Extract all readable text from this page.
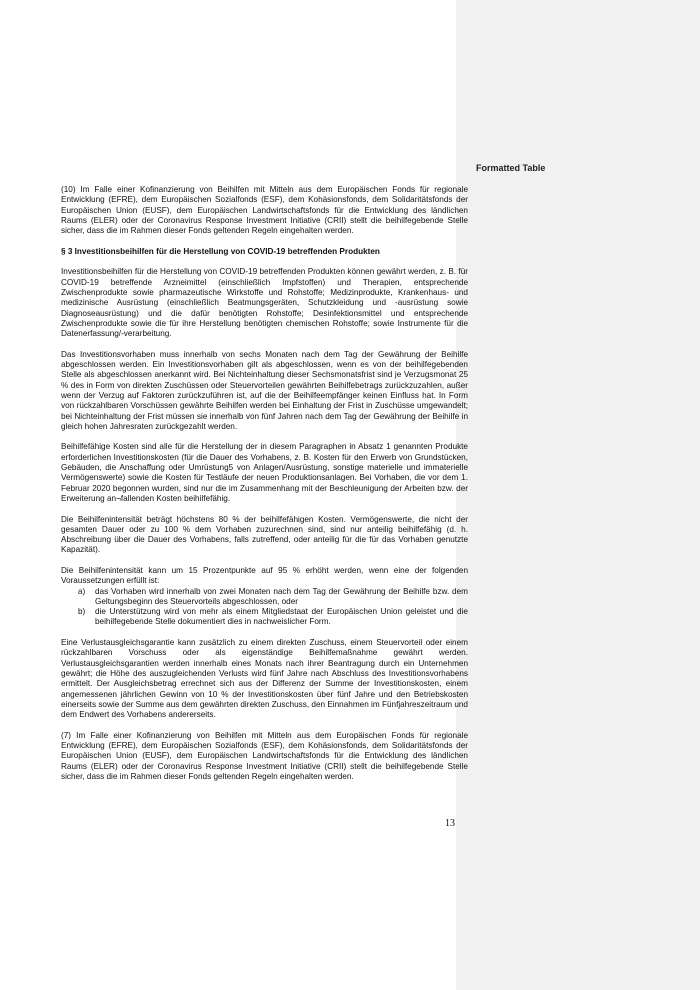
Formatted Table

(10) Im Falle einer Kofinanzierung von Beihilfen mit Mitteln aus dem Europäischen Fonds für regionale Entwicklung (EFRE), dem Europäischen Sozialfonds (ESF), dem Kohäsionsfonds, dem Solidaritätsfonds der Europäischen Union (EUSF), dem Europäischen Landwirtschaftsfonds für die Entwicklung des ländlichen Raums (ELER) oder der Coronavirus Response Investment Initiative (CRII) stellt die beihilfegebende Stelle sicher, dass die im Rahmen dieser Fonds geltenden Regeln eingehalten werden.

§ 3 Investitionsbeihilfen für die Herstellung von COVID-19 betreffenden Produkten

Investitionsbeihilfen für die Herstellung von COVID-19 betreffenden Produkten können gewährt werden, z. B. für COVID-19 betreffende Arzneimittel (einschließlich Impfstoffen) und Therapien, entsprechende Zwischenprodukte sowie pharmazeutische Wirkstoffe und Rohstoffe; Medizinprodukte, Krankenhaus- und medizinische Ausrüstung (einschließlich Beatmungsgeräten, Schutzkleidung und -ausrüstung sowie Diagnoseausrüstung) und die dafür benötigten Rohstoffe; Desinfektionsmittel und entsprechende Zwischenprodukte sowie die für ihre Herstellung benötigten chemischen Rohstoffe; sowie Instrumente für die Datenerfassung/-verarbeitung.

Das Investitionsvorhaben muss innerhalb von sechs Monaten nach dem Tag der Gewährung der Beihilfe abgeschlossen werden. Ein Investitionsvorhaben gilt als abgeschlossen, wenn es von der beihilfegebenden Stelle als abgeschlossen anerkannt wird. Bei Nichteinhaltung dieser Sechsmonatsfrist sind je Verzugsmonat 25 % des in Form von direkten Zuschüssen oder Steuervorteilen gewährten Beihilfebetrags zurückzuzahlen, außer wenn der Verzug auf Faktoren zurückzuführen ist, auf die der Beihilfeempfänger keinen Einfluss hat. In Form von rückzahlbaren Vorschüssen gewährte Beihilfen werden bei Einhaltung der Frist in Zuschüsse umgewandelt; bei Nichteinhaltung der Frist müssen sie innerhalb von fünf Jahren nach dem Tag der Gewährung der Beihilfe in gleich hohen Jahresraten zurückgezahlt werden.

Beihilfefähige Kosten sind alle für die Herstellung der in diesem Paragraphen in Absatz 1 genannten Produkte erforderlichen Investitionskosten (für die Dauer des Vorhabens, z. B. Kosten für den Erwerb von Grundstücken, Gebäuden, die Anschaffung oder Umrüstung5 von Anlagen/Ausrüstung, sonstige materielle und immaterielle Vermögenswerte) sowie die Kosten für Testläufe der neuen Produktionsanlagen. Bei Vorhaben, die vor dem 1. Februar 2020 begonnen wurden, sind nur die im Zusammenhang mit der Beschleunigung der Arbeiten bzw. der Erweiterung an¬fallenden Kosten beihilfefähig.

Die Beihilfenintensität beträgt höchstens 80 % der beihilfefähigen Kosten. Vermögenswerte, die nicht der gesamten Dauer oder zu 100 % dem Vorhaben zuzurechnen sind, sind nur anteilig beihilfefähig (d. h. Abschreibung über die Dauer des Vorhabens, falls zutreffend, oder anteilig für die für das Vorhaben genutzte Kapazität).

Die Beihilfenintensität kann um 15 Prozentpunkte auf 95 % erhöht werden, wenn eine der folgenden Voraussetzungen erfüllt ist:

a) das Vorhaben wird innerhalb von zwei Monaten nach dem Tag der Gewährung der Beihilfe bzw. dem Geltungsbeginn des Steuervorteils abgeschlossen, oder
b) die Unterstützung wird von mehr als einem Mitgliedstaat der Europäischen Union geleistet und die beihilfegebende Stelle dokumentiert dies in nachweislicher Form.

Eine Verlustausgleichsgarantie kann zusätzlich zu einem direkten Zuschuss, einem Steuervorteil oder einem rückzahlbaren Vorschuss oder als eigenständige Beihilfemaßnahme gewährt werden. Verlustausgleichsgarantien werden innerhalb eines Monats nach ihrer Beantragung durch ein Unternehmen gewährt; die Höhe des auszugleichenden Verlusts wird fünf Jahre nach Abschluss des Investitionsvorhabens ermittelt. Der Ausgleichsbetrag errechnet sich aus der Differenz der Summe der Investitionskosten, einem angemessenen jährlichen Gewinn von 10 % der Investitionskosten über fünf Jahre und den Betriebskosten einerseits sowie der Summe aus dem gewährten direkten Zuschuss, den Einnahmen im Fünfjahreszeitraum und dem Endwert des Vorhabens andererseits.

(7) Im Falle einer Kofinanzierung von Beihilfen mit Mitteln aus dem Europäischen Fonds für regionale Entwicklung (EFRE), dem Europäischen Sozialfonds (ESF), dem Kohäsionsfonds, dem Solidaritätsfonds der Europäischen Union (EUSF), dem Europäischen Landwirtschaftsfonds für die Entwicklung des ländlichen Raums (ELER) oder der Coronavirus Response Investment Initiative (CRII) stellt die beihilfegebende Stelle sicher, dass die im Rahmen dieser Fonds geltenden Regeln eingehalten werden.

13
